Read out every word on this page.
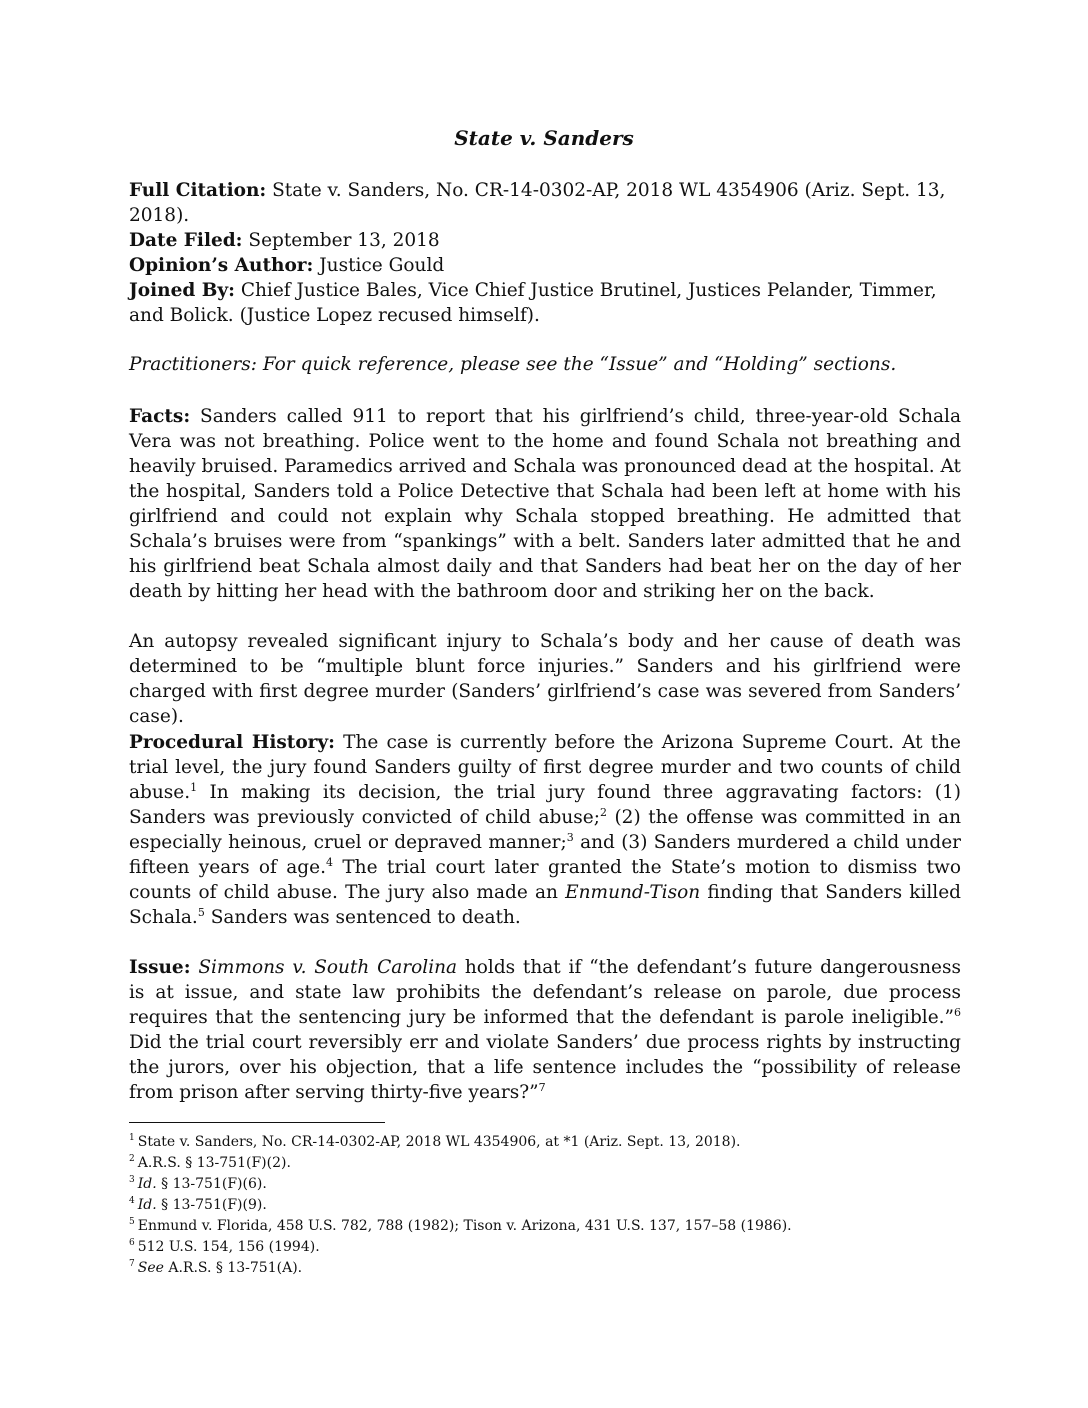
State v. Sanders

Full Citation: State v. Sanders, No. CR-14-0302-AP, 2018 WL 4354906 (Ariz. Sept. 13, 2018).

Date Filed: September 13, 2018

Opinion’s Author: Justice Gould

Joined By: Chief Justice Bales, Vice Chief Justice Brutinel, Justices Pelander, Timmer, and Bolick. (Justice Lopez recused himself).

Practitioners: For quick reference, please see the “Issue” and “Holding” sections.

Facts: Sanders called 911 to report that his girlfriend’s child, three-year-old Schala Vera was not breathing. Police went to the home and found Schala not breathing and heavily bruised. Paramedics arrived and Schala was pronounced dead at the hospital. At the hospital, Sanders told a Police Detective that Schala had been left at home with his girlfriend and could not explain why Schala stopped breathing. He admitted that Schala’s bruises were from “spankings” with a belt. Sanders later admitted that he and his girlfriend beat Schala almost daily and that Sanders had beat her on the day of her death by hitting her head with the bathroom door and striking her on the back.

An autopsy revealed significant injury to Schala’s body and her cause of death was determined to be “multiple blunt force injuries.” Sanders and his girlfriend were charged with first degree murder (Sanders’ girlfriend’s case was severed from Sanders’ case).

Procedural History: The case is currently before the Arizona Supreme Court. At the trial level, the jury found Sanders guilty of first degree murder and two counts of child abuse.$^1$ In making its decision, the trial jury found three aggravating factors: (1) Sanders was previously convicted of child abuse;$^2$ (2) the offense was committed in an especially heinous, cruel or depraved manner;$^3$ and (3) Sanders murdered a child under fifteen years of age.$^4$ The trial court later granted the State’s motion to dismiss two counts of child abuse. The jury also made an Enmund-Tison finding that Sanders killed Schala.$^5$ Sanders was sentenced to death.

Issue: Simmons v. South Carolina holds that if “the defendant’s future dangerousness is at issue, and state law prohibits the defendant’s release on parole, due process requires that the sentencing jury be informed that the defendant is parole ineligible.”$^6$ Did the trial court reversibly err and violate Sanders’ due process rights by instructing the jurors, over his objection, that a life sentence includes the “possibility of release from prison after serving thirty-five years?”$^7$

$^1$ State v. Sanders, No. CR-14-0302-AP, 2018 WL 4354906, at *1 (Ariz. Sept. 13, 2018).
$^2$ A.R.S. § 13-751(F)(2).
$^3$ Id. § 13-751(F)(6).
$^4$ Id. § 13-751(F)(9).
$^5$ Enmund v. Florida, 458 U.S. 782, 788 (1982); Tison v. Arizona, 431 U.S. 137, 157–58 (1986).
$^6$ 512 U.S. 154, 156 (1994).
$^7$ See A.R.S. § 13-751(A).
